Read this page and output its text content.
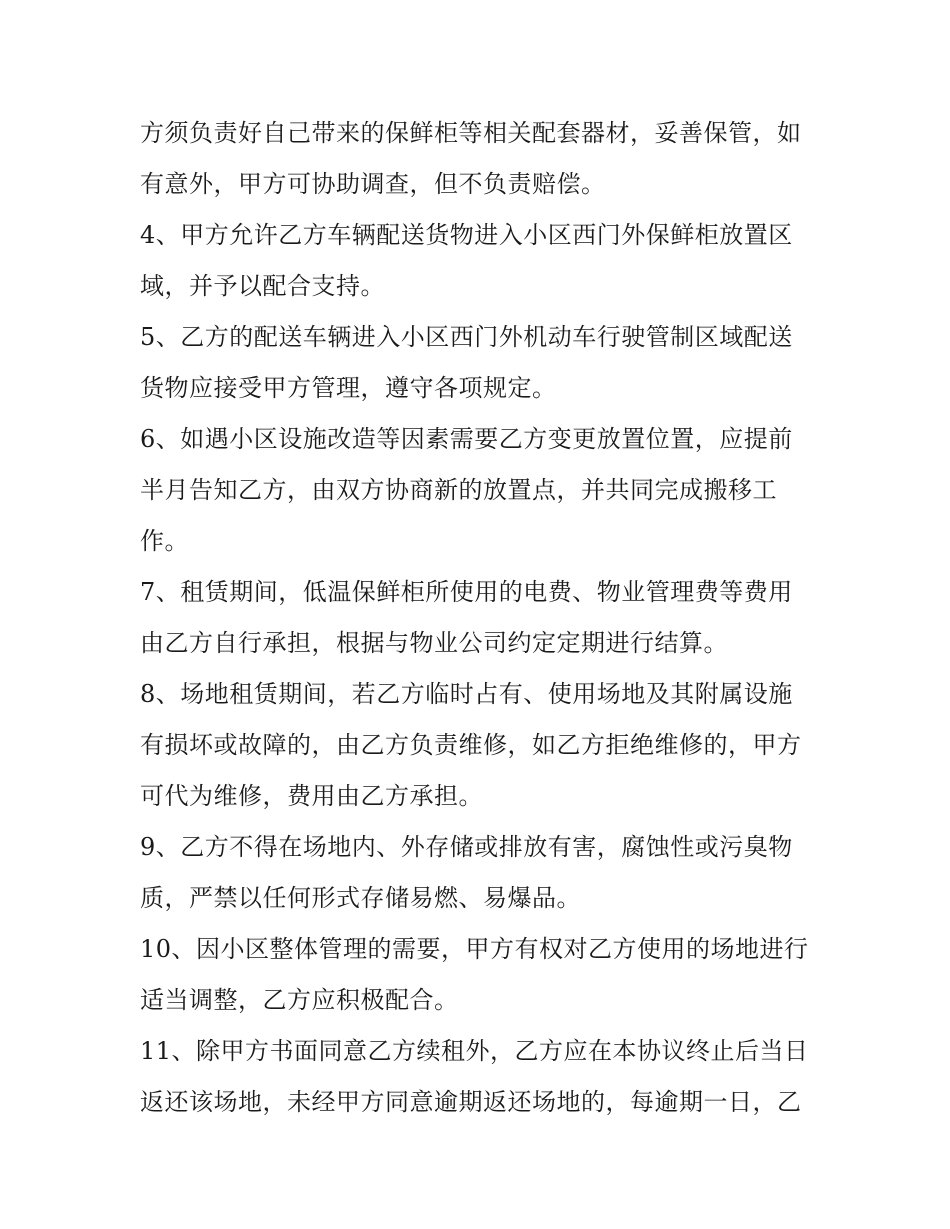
方须负责好自己带来的保鲜柜等相关配套器材，妥善保管，如有意外，甲方可协助调查，但不负责赔偿。

4、甲方允许乙方车辆配送货物进入小区西门外保鲜柜放置区域，并予以配合支持。

5、乙方的配送车辆进入小区西门外机动车行驶管制区域配送货物应接受甲方管理，遵守各项规定。

6、如遇小区设施改造等因素需要乙方变更放置位置，应提前半月告知乙方，由双方协商新的放置点，并共同完成搬移工作。

7、租赁期间，低温保鲜柜所使用的电费、物业管理费等费用由乙方自行承担，根据与物业公司约定定期进行结算。

8、场地租赁期间，若乙方临时占有、使用场地及其附属设施有损坏或故障的，由乙方负责维修，如乙方拒绝维修的，甲方可代为维修，费用由乙方承担。

9、乙方不得在场地内、外存储或排放有害，腐蚀性或污臭物质，严禁以任何形式存储易燃、易爆品。

10、因小区整体管理的需要，甲方有权对乙方使用的场地进行适当调整，乙方应积极配合。

11、除甲方书面同意乙方续租外，乙方应在本协议终止后当日返还该场地，未经甲方同意逾期返还场地的，每逾期一日，乙
